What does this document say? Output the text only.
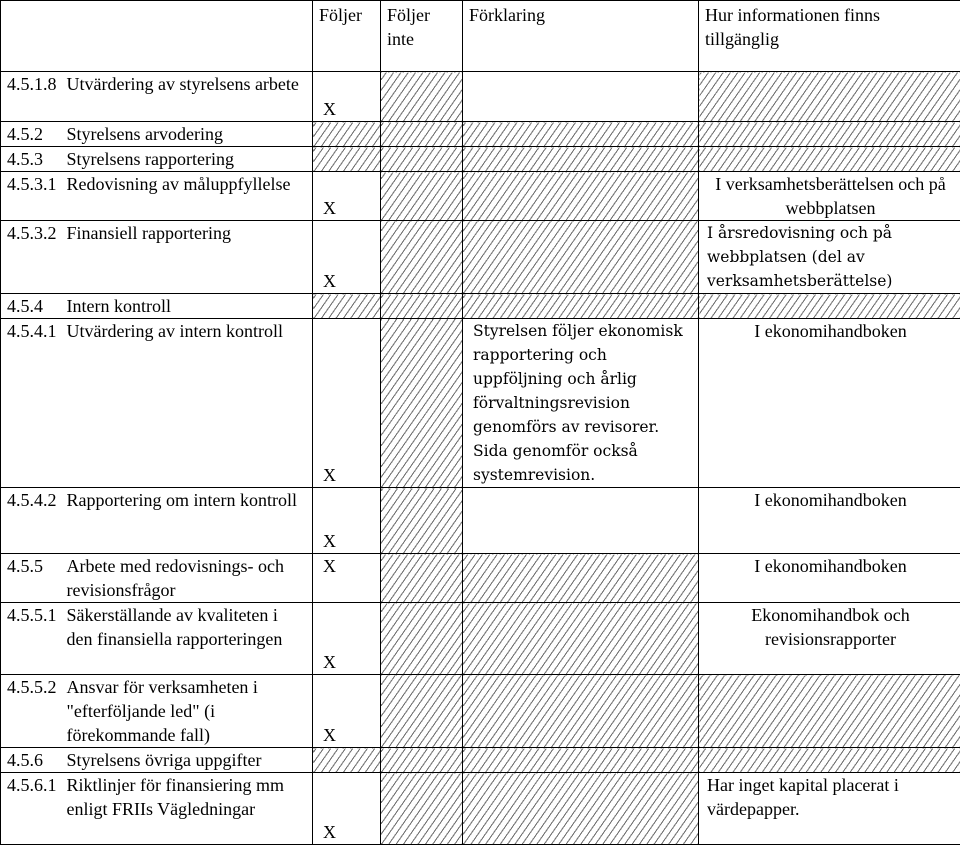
		Följer	Följer inte	Förklaring	Hur informationen finns tillgänglig
4.5.1.8	Utvärdering av styrelsens arbete	X			
4.5.2	Styrelsens arvodering				
4.5.3	Styrelsens rapportering				
4.5.3.1	Redovisning av måluppfyllelse	X			I verksamhetsberättelsen och på webbplatsen
4.5.3.2	Finansiell rapportering	X			I årsredovisning och på webbplatsen (del av verksamhetsberättelse)
4.5.4	Intern kontroll				
4.5.4.1	Utvärdering av intern kontroll	X		Styrelsen följer ekonomisk rapportering och uppföljning och årlig förvaltningsrevision genomförs av revisorer. Sida genomför också systemrevision.	I ekonomihandboken
4.5.4.2	Rapportering om intern kontroll	X			I ekonomihandboken
4.5.5	Arbete med redovisnings- och revisionsfrågor	X			I ekonomihandboken
4.5.5.1	Säkerställande av kvaliteten i den finansiella rapporteringen	X			Ekonomihandbok och revisionsrapporter
4.5.5.2	Ansvar för verksamheten i "efterföljande led" (i förekommande fall)	X			
4.5.6	Styrelsens övriga uppgifter				
4.5.6.1	Riktlinjer för finansiering mm enligt FRIIs Vägledningar	X			Har inget kapital placerat i värdepapper.
